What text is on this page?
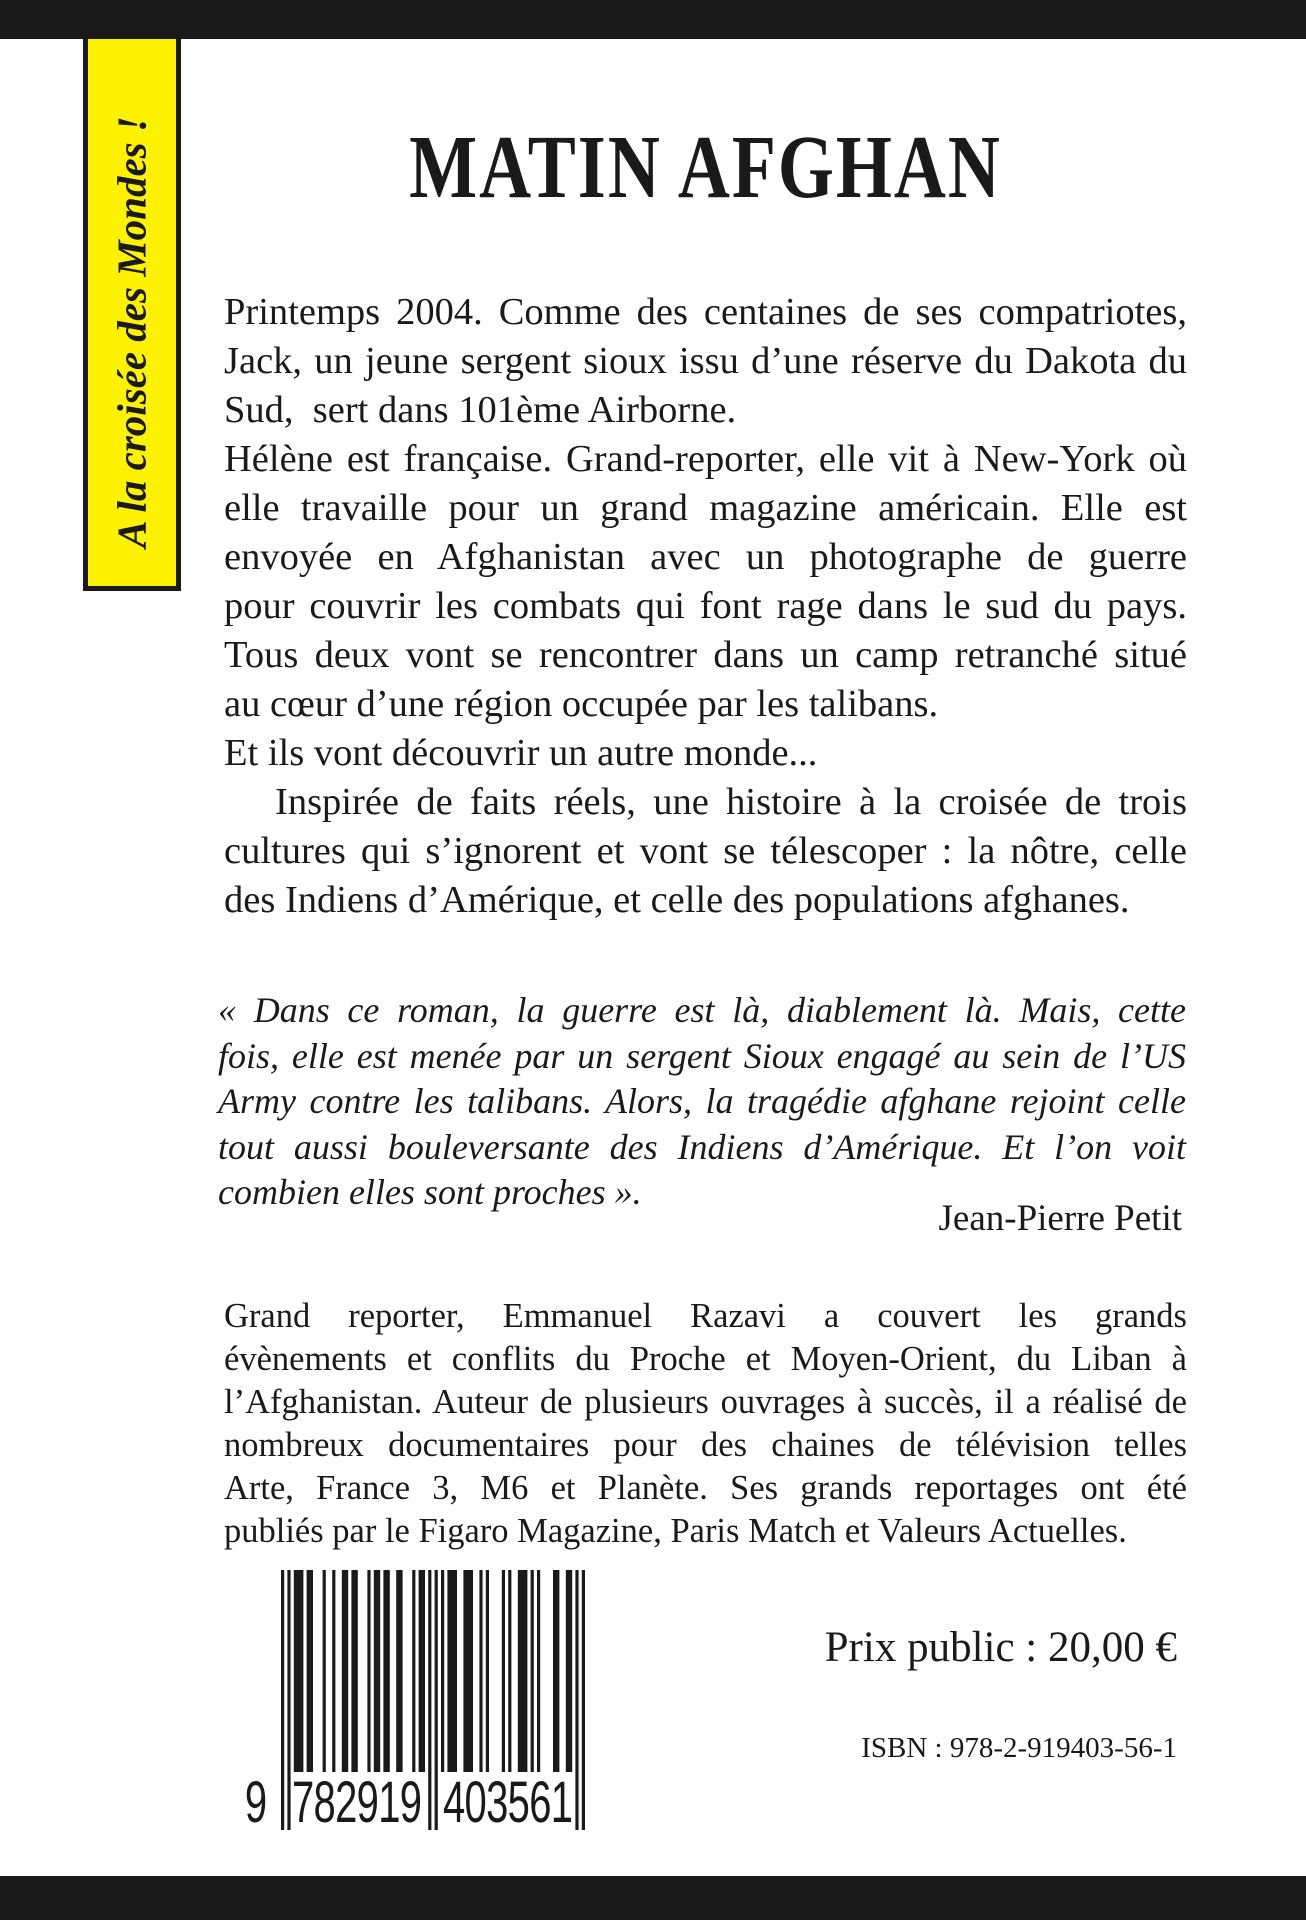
A la croisée des Mondes !	MATIN AFGHAN
Printemps 2004. Comme des centaines de ses compatriotes,
Jack, un jeune sergent sioux issu d’une réserve du Dakota du
Sud,  sert dans 101ème Airborne.
Hélène est française. Grand-reporter, elle vit à New-York où
elle travaille pour un grand magazine américain. Elle est
envoyée en Afghanistan avec un photographe de guerre
pour couvrir les combats qui font rage dans le sud du pays.
Tous deux vont se rencontrer dans un camp retranché situé
au cœur d’une région occupée par les talibans.
Et ils vont découvrir un autre monde...
Inspirée de faits réels, une histoire à la croisée de trois
cultures qui s’ignorent et vont se télescoper : la nôtre, celle
des Indiens d’Amérique, et celle des populations afghanes.
« Dans ce roman, la guerre est là, diablement là. Mais, cette
fois, elle est menée par un sergent Sioux engagé au sein de l’US
Army contre les talibans. Alors, la tragédie afghane rejoint celle
tout aussi bouleversante des Indiens d’Amérique. Et l’on voit
combien elles sont proches ».
Jean-Pierre Petit
Grand reporter, Emmanuel Razavi a couvert les grands
évènements et conflits du Proche et Moyen-Orient, du Liban à
l’Afghanistan. Auteur de plusieurs ouvrages à succès, il a réalisé de
nombreux documentaires pour des chaines de télévision telles
Arte, France 3, M6 et Planète. Ses grands reportages ont été
publiés par le Figaro Magazine, Paris Match et Valeurs Actuelles.
9 782919 403561
Prix public : 20,00 €
ISBN : 978-2-919403-56-1
